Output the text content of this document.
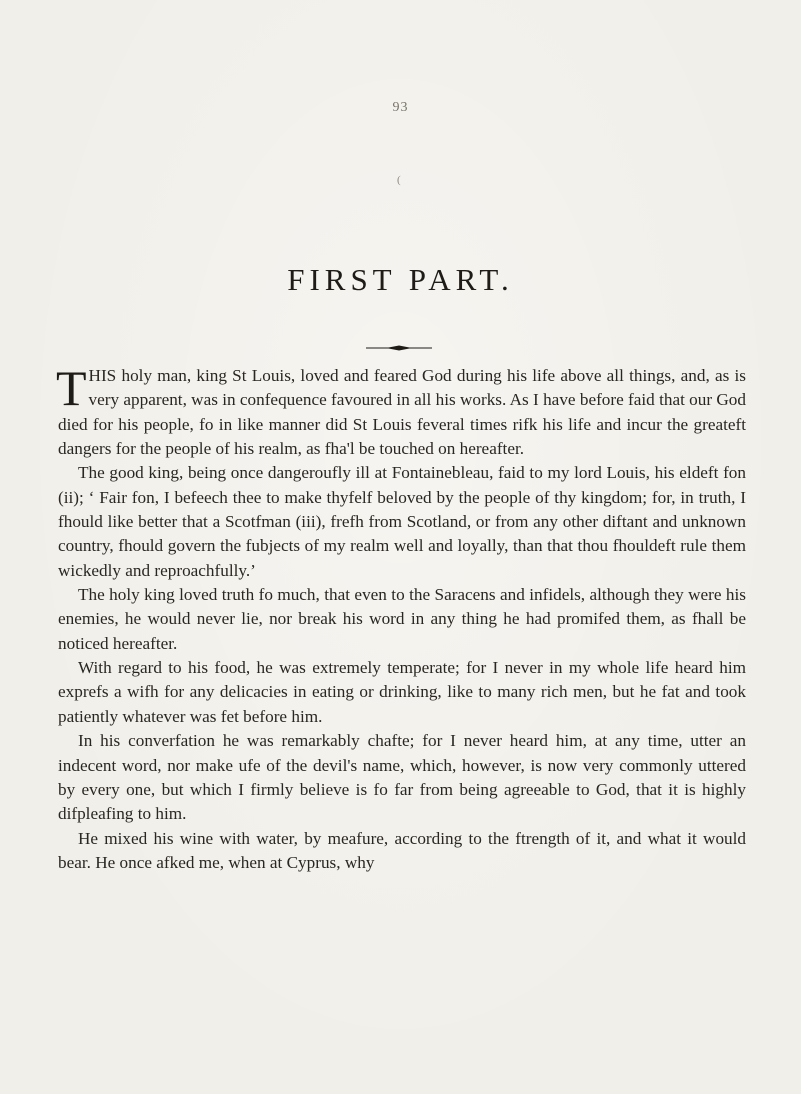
93
(
FIRST PART.

THIS holy man, king St Louis, loved and feared God during his life above all things, and, as is very apparent, was in confequence favoured in all his works. As I have before faid that our God died for his people, fo in like manner did St Louis feveral times rifk his life and incur the greateft dangers for the people of his realm, as fha'l be touched on hereafter.

The good king, being once dangeroufly ill at Fontainebleau, faid to my lord Louis, his eldeft fon (ii); ‘ Fair fon, I befeech thee to make thyfelf beloved by the people of thy kingdom; for, in truth, I fhould like better that a Scotfman (iii), frefh from Scotland, or from any other diftant and unknown country, fhould govern the fubjects of my realm well and loyally, than that thou fhouldeft rule them wickedly and reproachfully.’

The holy king loved truth fo much, that even to the Saracens and infidels, although they were his enemies, he would never lie, nor break his word in any thing he had promifed them, as fhall be noticed hereafter.

With regard to his food, he was extremely temperate; for I never in my whole life heard him exprefs a wifh for any delicacies in eating or drinking, like to many rich men, but he fat and took patiently whatever was fet before him.

In his converfation he was remarkably chafte; for I never heard him, at any time, utter an indecent word, nor make ufe of the devil's name, which, however, is now very commonly uttered by every one, but which I firmly believe is fo far from being agreeable to God, that it is highly difpleafing to him.

He mixed his wine with water, by meafure, according to the ftrength of it, and what it would bear. He once afked me, when at Cyprus, why
